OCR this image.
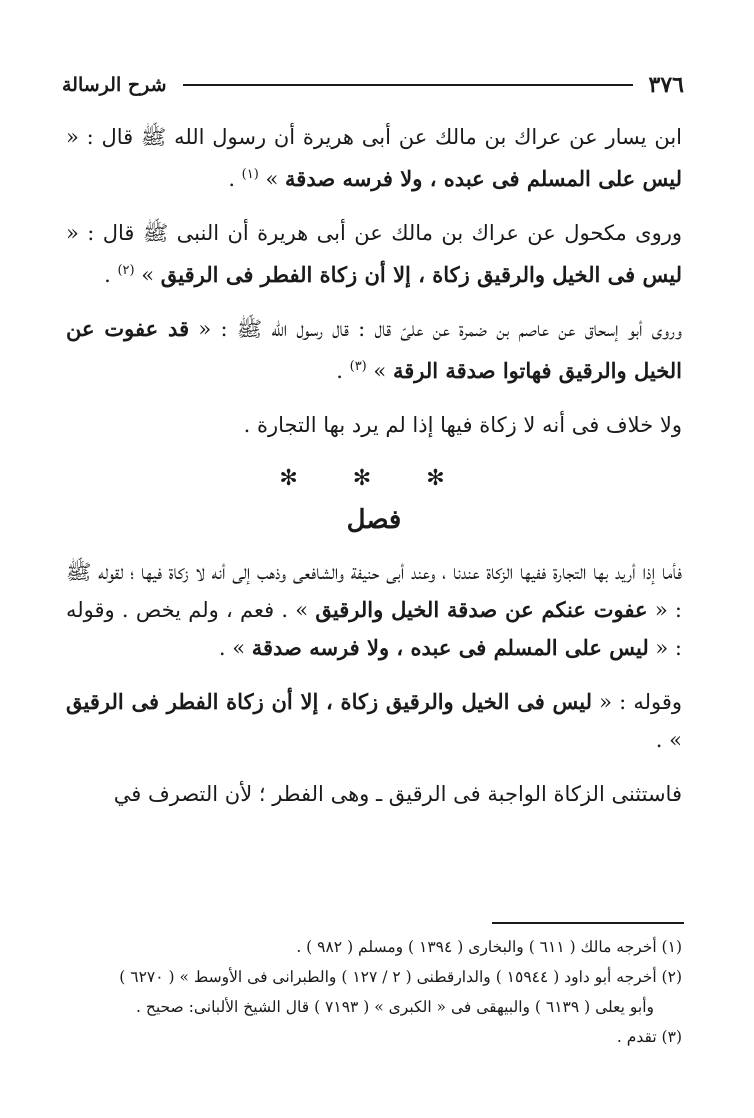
٣٧٦
شرح الرسالة

ابن يسار عن عراك بن مالك عن أبى هريرة أن رسول الله ﷺ قال : « ليس على المسلم فى عبده ، ولا فرسه صدقة » $^{(١)}$ .

وروى مكحول عن عراك بن مالك عن أبى هريرة أن النبى ﷺ قال : « ليس فى الخيل والرقيق زكاة ، إلا أن زكاة الفطر فى الرقيق » $^{(٢)}$ .

وروى أبو إسحاق عن عاصم بن ضمرة عن علىّ قال : قال رسول الله ﷺ : « قد عفوت عن الخيل والرقيق فهاتوا صدقة الرقة » $^{(٣)}$ .

ولا خلاف فى أنه لا زكاة فيها إذا لم يرد بها التجارة .

✻ ✻ ✻
فصل

فأما إذا أريد بها التجارة ففيها الزكاة عندنا ، وعند أبى حنيفة والشافعى وذهب إلى أنه لا زكاة فيها ؛ لقوله ﷺ : « عفوت عنكم عن صدقة الخيل والرقيق » . فعم ، ولم يخص . وقوله : « ليس على المسلم فى عبده ، ولا فرسه صدقة » .

وقوله : « ليس فى الخيل والرقيق زكاة ، إلا أن زكاة الفطر فى الرقيق » .

فاستثنى الزكاة الواجبة فى الرقيق ـ وهى الفطر ؛ لأن التصرف في

(١) أخرجه مالك ( ٦١١ ) والبخارى ( ١٣٩٤ ) ومسلم ( ٩٨٢ ) .

(٢) أخرجه أبو داود ( ١٥٩٤٤ ) والدارقطنى ( ٢ / ١٢٧ ) والطبرانى فى الأوسط » ( ٦٢٧٠ )

وأبو يعلى ( ٦١٣٩ ) والبيهقى فى « الكبرى » ( ٧١٩٣ ) قال الشيخ الألبانى: صحيح .

(٣) تقدم .
